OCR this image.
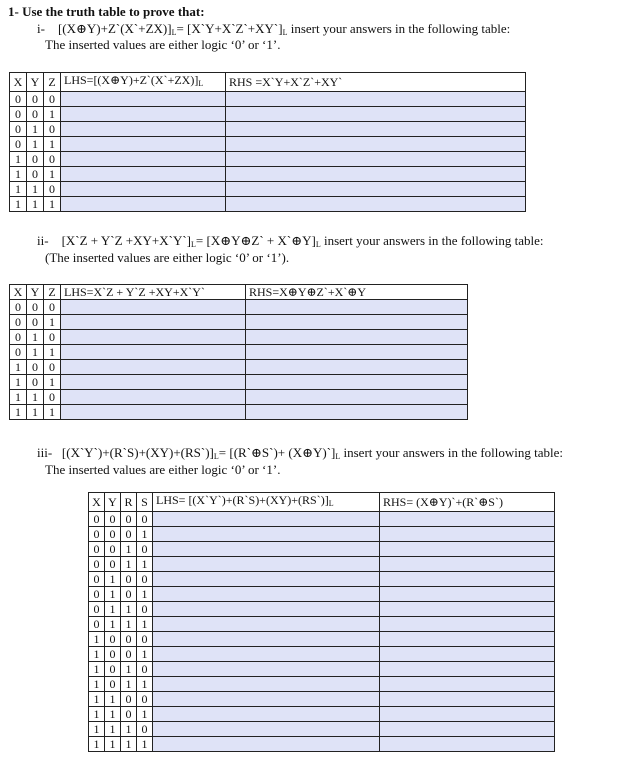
1- Use the truth table to prove that:
i- $[(X\oplus Y)+Z`(X`+ZX)]_L=$ $[X`Y+X`Z`+XY`]_L$ insert your answers in the following table:
The inserted values are either logic ‘0’ or ‘1’.
X	Y	Z	$LHS=[(X\oplus Y)+Z`(X`+ZX)]_L$	RHS =X`Y+X`Z`+XY`
0	0	0		
0	0	1		
0	1	0		
0	1	1		
1	0	0		
1	0	1		
1	1	0		
1	1	1		
ii- [X`Z + Y`Z $+XY+X`Y`]_L=$ [X⊕Y⊕Z` + $X`\oplus Y]_L$ insert your answers in the following table:
(The inserted values are either logic ‘0’ or ‘1’).
X	Y	Z	LHS=X`Z + Y`Z +XY+X`Y`	RHS=X⊕Y⊕Z`+X`⊕Y
0	0	0		
0	0	1		
0	1	0		
0	1	1		
1	0	0		
1	0	1		
1	1	0		
1	1	1		
iii- $[(X`Y`)+(R`S)+(XY)+(RS`)]_L=$ [(R`⊕S`)+ $(X\oplus Y)`]_L$ insert your answers in the following table:
The inserted values are either logic ‘0’ or ‘1’.
X	Y	R	S	$LHS= [(X`Y`)+(R`S)+(XY)+(RS`)]_L$	RHS= (X⊕Y)`+(R`⊕S`)
0	0	0	0		
0	0	0	1		
0	0	1	0		
0	0	1	1		
0	1	0	0		
0	1	0	1		
0	1	1	0		
0	1	1	1		
1	0	0	0		
1	0	0	1		
1	0	1	0		
1	0	1	1		
1	1	0	0		
1	1	0	1		
1	1	1	0		
1	1	1	1		
